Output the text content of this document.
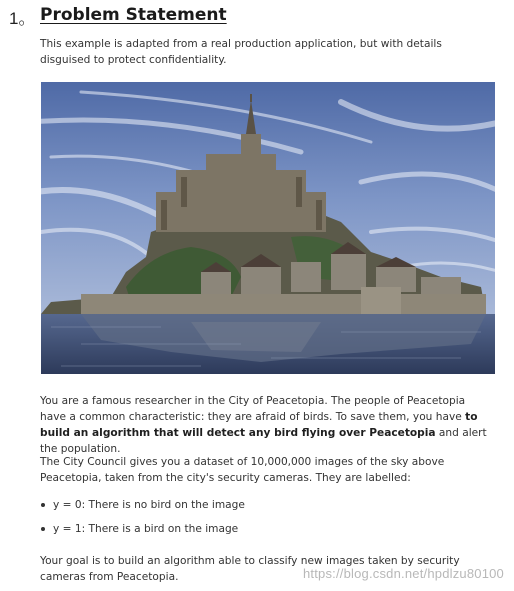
1。 Problem Statement

This example is adapted from a real production application, but with details disguised to protect confidentiality.

You are a famous researcher in the City of Peacetopia. The people of Peacetopia have a common characteristic: they are afraid of birds. To save them, you have to build an algorithm that will detect any bird flying over Peacetopia and alert the population.

The City Council gives you a dataset of 10,000,000 images of the sky above Peacetopia, taken from the city's security cameras. They are labelled:

y = 0: There is no bird on the image
y = 1: There is a bird on the image

Your goal is to build an algorithm able to classify new images taken by security cameras from Peacetopia.	https://blog.csdn.net/hpdlzu80100
